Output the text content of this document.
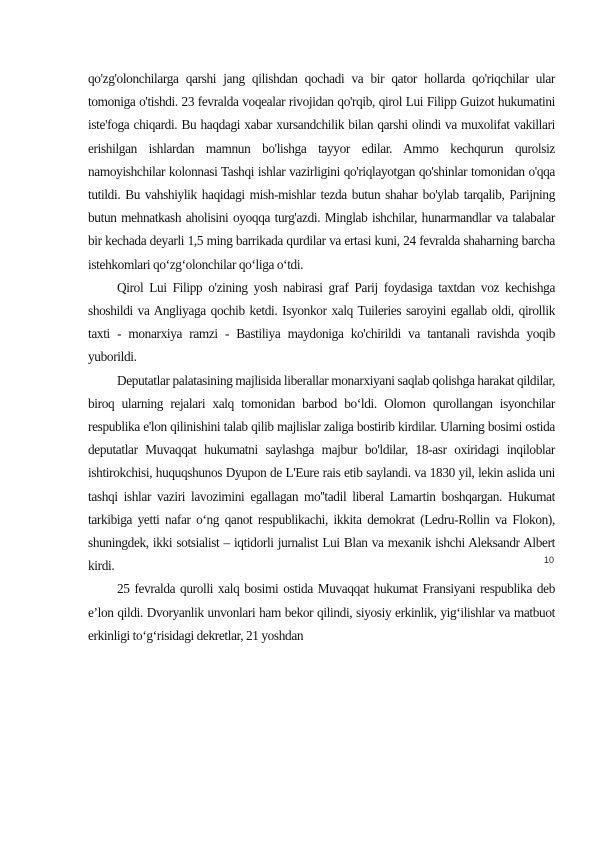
qo'zg'olonchilarga qarshi jang qilishdan qochadi va bir qator hollarda qo'riqchilar ular tomoniga o'tishdi. 23 fevralda voqealar rivojidan qo'rqib, qirol Lui Filipp Guizot hukumatini iste'foga chiqardi. Bu haqdagi xabar xursandchilik bilan qarshi olindi va muxolifat vakillari erishilgan ishlardan mamnun bo'lishga tayyor edilar. Ammo kechqurun qurolsiz namoyishchilar kolonnasi Tashqi ishlar vazirligini qo'riqlayotgan qo'shinlar tomonidan o'qqa tutildi. Bu vahshiylik haqidagi mish-mishlar tezda butun shahar bo'ylab tarqalib, Parijning butun mehnatkash aholisini oyoqqa turg'azdi. Minglab ishchilar, hunarmandlar va talabalar bir kechada deyarli 1,5 ming barrikada qurdilar va ertasi kuni, 24 fevralda shaharning barcha istehkomlari qo‘zg‘olonchilar qo‘liga o‘tdi.

Qirol Lui Filipp o'zining yosh nabirasi graf Parij foydasiga taxtdan voz kechishga shoshildi va Angliyaga qochib ketdi. Isyonkor xalq Tuileries saroyini egallab oldi, qirollik taxti - monarxiya ramzi - Bastiliya maydoniga ko'chirildi va tantanali ravishda yoqib yuborildi.

Deputatlar palatasining majlisida liberallar monarxiyani saqlab qolishga harakat qildilar, biroq ularning rejalari xalq tomonidan barbod bo‘ldi. Olomon qurollangan isyonchilar respublika e'lon qilinishini talab qilib majlislar zaliga bostirib kirdilar. Ularning bosimi ostida deputatlar Muvaqqat hukumatni saylashga majbur bo'ldilar, 18-asr oxiridagi inqiloblar ishtirokchisi, huquqshunos Dyupon de L'Eure rais etib saylandi. va 1830 yil, lekin aslida uni tashqi ishlar vaziri lavozimini egallagan mo''tadil liberal Lamartin boshqargan. Hukumat tarkibiga yetti nafar o‘ng qanot respublikachi, ikkita demokrat (Ledru-Rollin va Flokon), shuningdek, ikki sotsialist – iqtidorli jurnalist Lui Blan va mexanik ishchi Aleksandr Albert kirdi.

25 fevralda qurolli xalq bosimi ostida Muvaqqat hukumat Fransiyani respublika deb e’lon qildi. Dvoryanlik unvonlari ham bekor qilindi, siyosiy erkinlik, yig‘ilishlar va matbuot erkinligi to‘g‘risidagi dekretlar, 21 yoshdan

10
